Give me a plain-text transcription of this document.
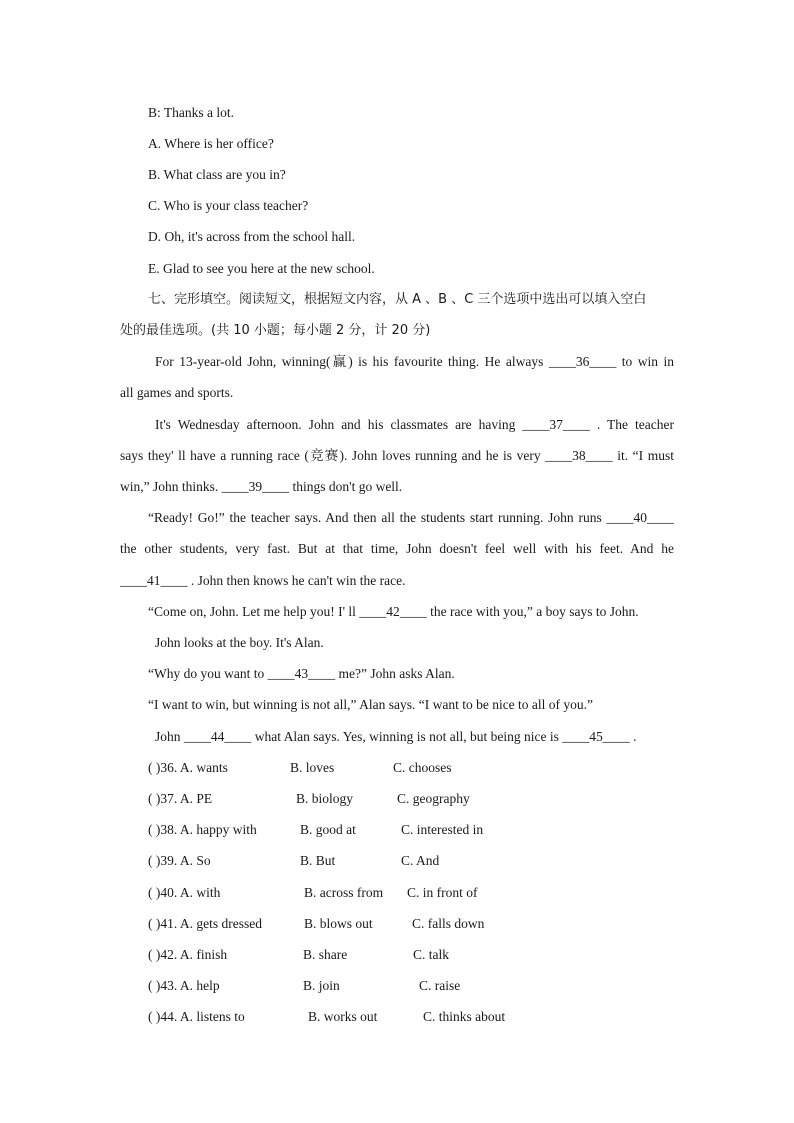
B: Thanks a lot.
A. Where is her office?
B. What class are you in?
C. Who is your class teacher?
D. Oh, it's across from the school hall.
E. Glad to see you here at the new school.
七、完形填空。阅读短文，根据短文内容，从 A 、B 、C 三个选项中选出可以填入空白
处的最佳选项。(共 10 小题；每小题 2 分，计 20 分)
For 13-year-old John, winning(赢) is his favourite thing. He always ____36____ to win in
all games and sports.
It's Wednesday afternoon. John and his classmates are having ____37____ . The teacher
says they' ll have a running race (竞赛). John loves running and he is very ____38____ it. “I must
win,” John thinks. ____39____ things don't go well.
“Ready! Go!” the teacher says. And then all the students start running. John runs ____40____
the other students, very fast. But at that time, John doesn't feel well with his feet. And he
____41____ . John then knows he can't win the race.
“Come on, John. Let me help you! I' ll ____42____ the race with you,” a boy says to John.
John looks at the boy. It's Alan.
“Why do you want to ____43____ me?” John asks Alan.
“I want to win, but winning is not all,” Alan says. “I want to be nice to all of you.”
John ____44____ what Alan says. Yes, winning is not all, but being nice is ____45____ .
( )36. A. wants	B. loves	C. chooses
( )37. A. PE	B. biology	C. geography
( )38. A. happy with	B. good at	C. interested in
( )39. A. So	B. But	C. And
( )40. A. with	B. across from C. in front of
( )41. A. gets dressed	B. blows out	C. falls down
( )42. A. finish	B. share	C. talk
( )43. A. help	B. join	C. raise
( )44. A. listens to	B. works out	C. thinks about
